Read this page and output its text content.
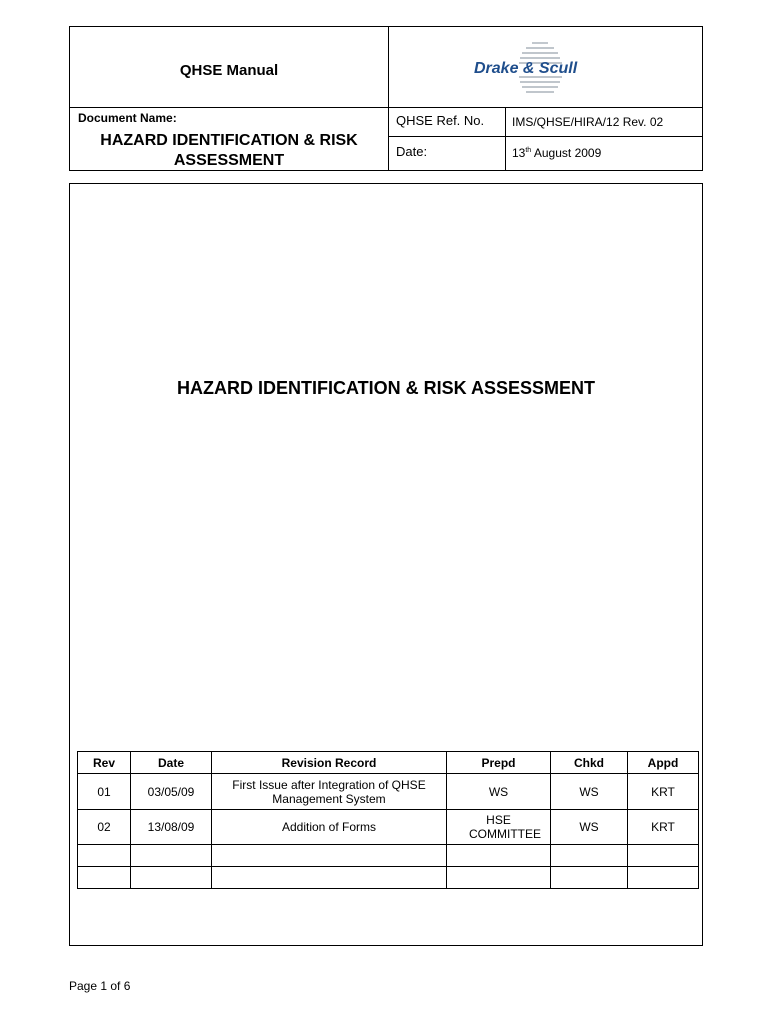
QHSE Manual	Drake & Scull
Document Name:
HAZARD IDENTIFICATION & RISK ASSESSMENT
QHSE Ref. No. IMS/QHSE/HIRA/12 Rev. 02
Date:	13th August 2009
HAZARD IDENTIFICATION & RISK ASSESSMENT
Rev	Date	Revision Record	Prepd	Chkd	Appd
01	03/05/09	First Issue after Integration of QHSE Management System	WS	WS	KRT
02	13/08/09	Addition of Forms	HSE COMMITTEE	WS	KRT

Page 1 of 6
